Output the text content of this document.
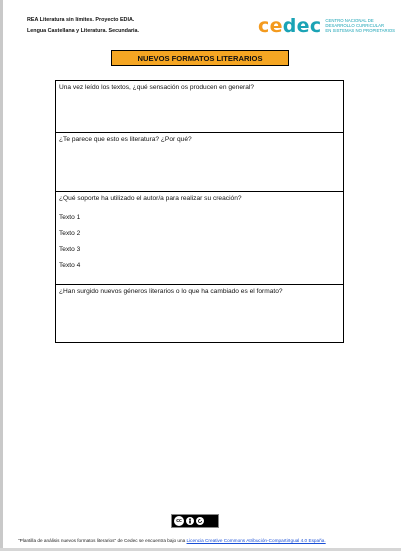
REA Literatura sin límites. Proyecto EDIA.
Lengua Castellana y Literatura. Secundaria.	cedec CENTRO NACIONAL DE
DESARROLLO CURRICULAR
EN SISTEMAS NO PROPIETARIOS
NUEVOS FORMATOS LITERARIOS
Una vez leído los textos, ¿qué sensación os producen en general?
¿Te parece que esto es literatura? ¿Por qué?
¿Qué soporte ha utilizado el autor/a para realizar su creación?
Texto 1
Texto 2
Texto 3
Texto 4

¿Han surgido nuevos géneros literarios o lo que ha cambiado es el formato?
cc
"Plantilla de análisis nuevos formatos literarios" de Cedec se encuentra bajo una Licencia Creative Commons Atribución-CompartirIgual 4.0 España.
